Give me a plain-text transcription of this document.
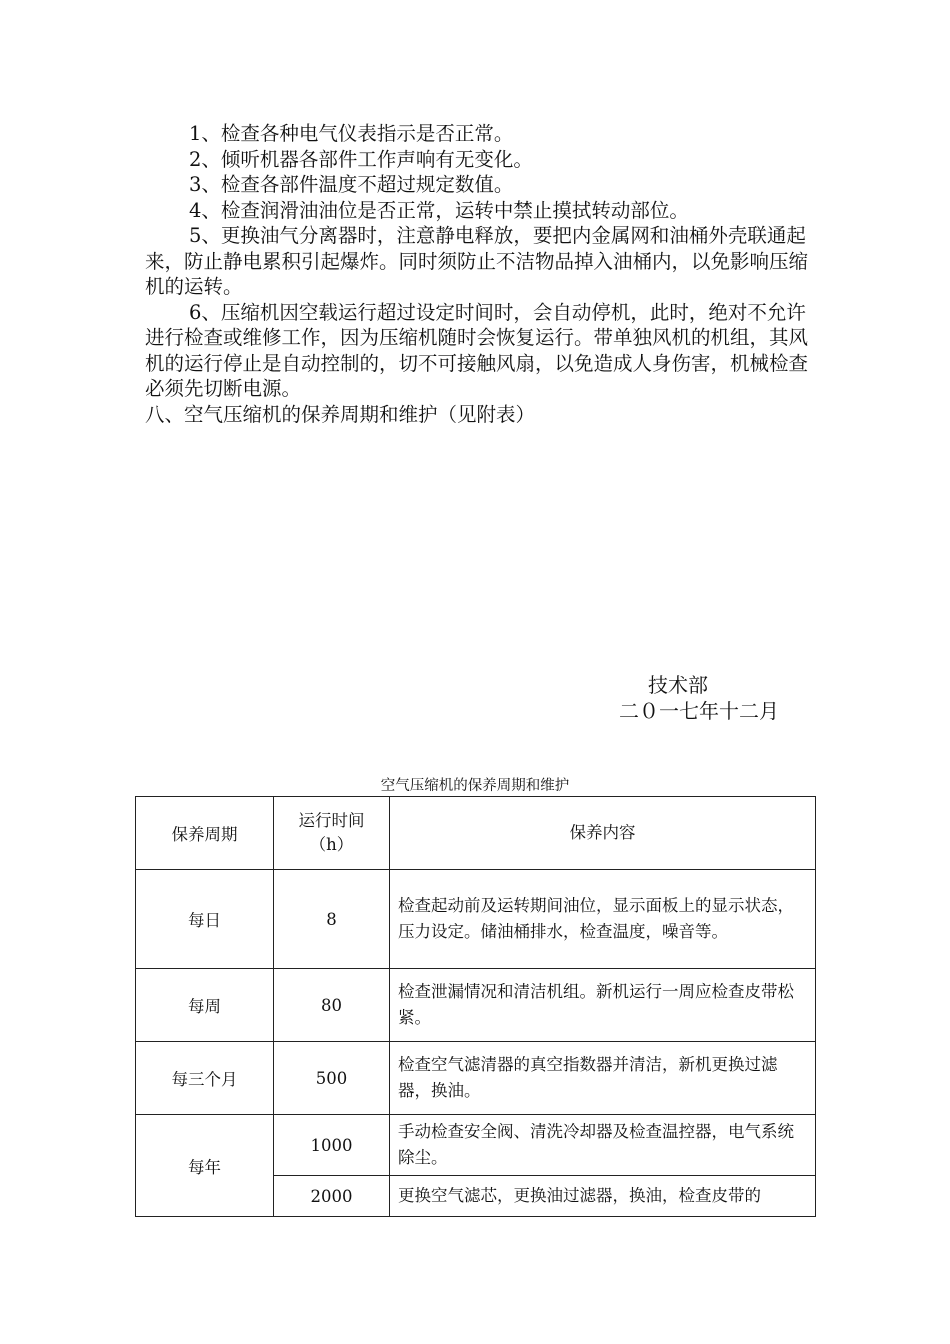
1、检查各种电气仪表指示是否正常。

2、倾听机器各部件工作声响有无变化。

3、检查各部件温度不超过规定数值。

4、检查润滑油油位是否正常，运转中禁止摸拭转动部位。

5、更换油气分离器时，注意静电释放，要把内金属网和油桶外壳联通起来，防止静电累积引起爆炸。同时须防止不洁物品掉入油桶内，以免影响压缩机的运转。

6、压缩机因空载运行超过设定时间时，会自动停机，此时，绝对不允许进行检查或维修工作，因为压缩机随时会恢复运行。带单独风机的机组，其风机的运行停止是自动控制的，切不可接触风扇，以免造成人身伤害，机械检查必须先切断电源。

八、空气压缩机的保养周期和维护（见附表）

技术部
二０一七年十二月
空气压缩机的保养周期和维护
保养周期	运行时间（h）	保养内容
每日	8	检查起动前及运转期间油位，显示面板上的显示状态，压力设定。储油桶排水，检查温度，噪音等。
每周	80	检查泄漏情况和清洁机组。新机运行一周应检查皮带松紧。
每三个月	500	检查空气滤清器的真空指数器并清洁，新机更换过滤器，换油。
每年	1000	手动检查安全阀、清洗冷却器及检查温控器，电气系统除尘。
	2000	更换空气滤芯，更换油过滤器，换油，检查皮带的
